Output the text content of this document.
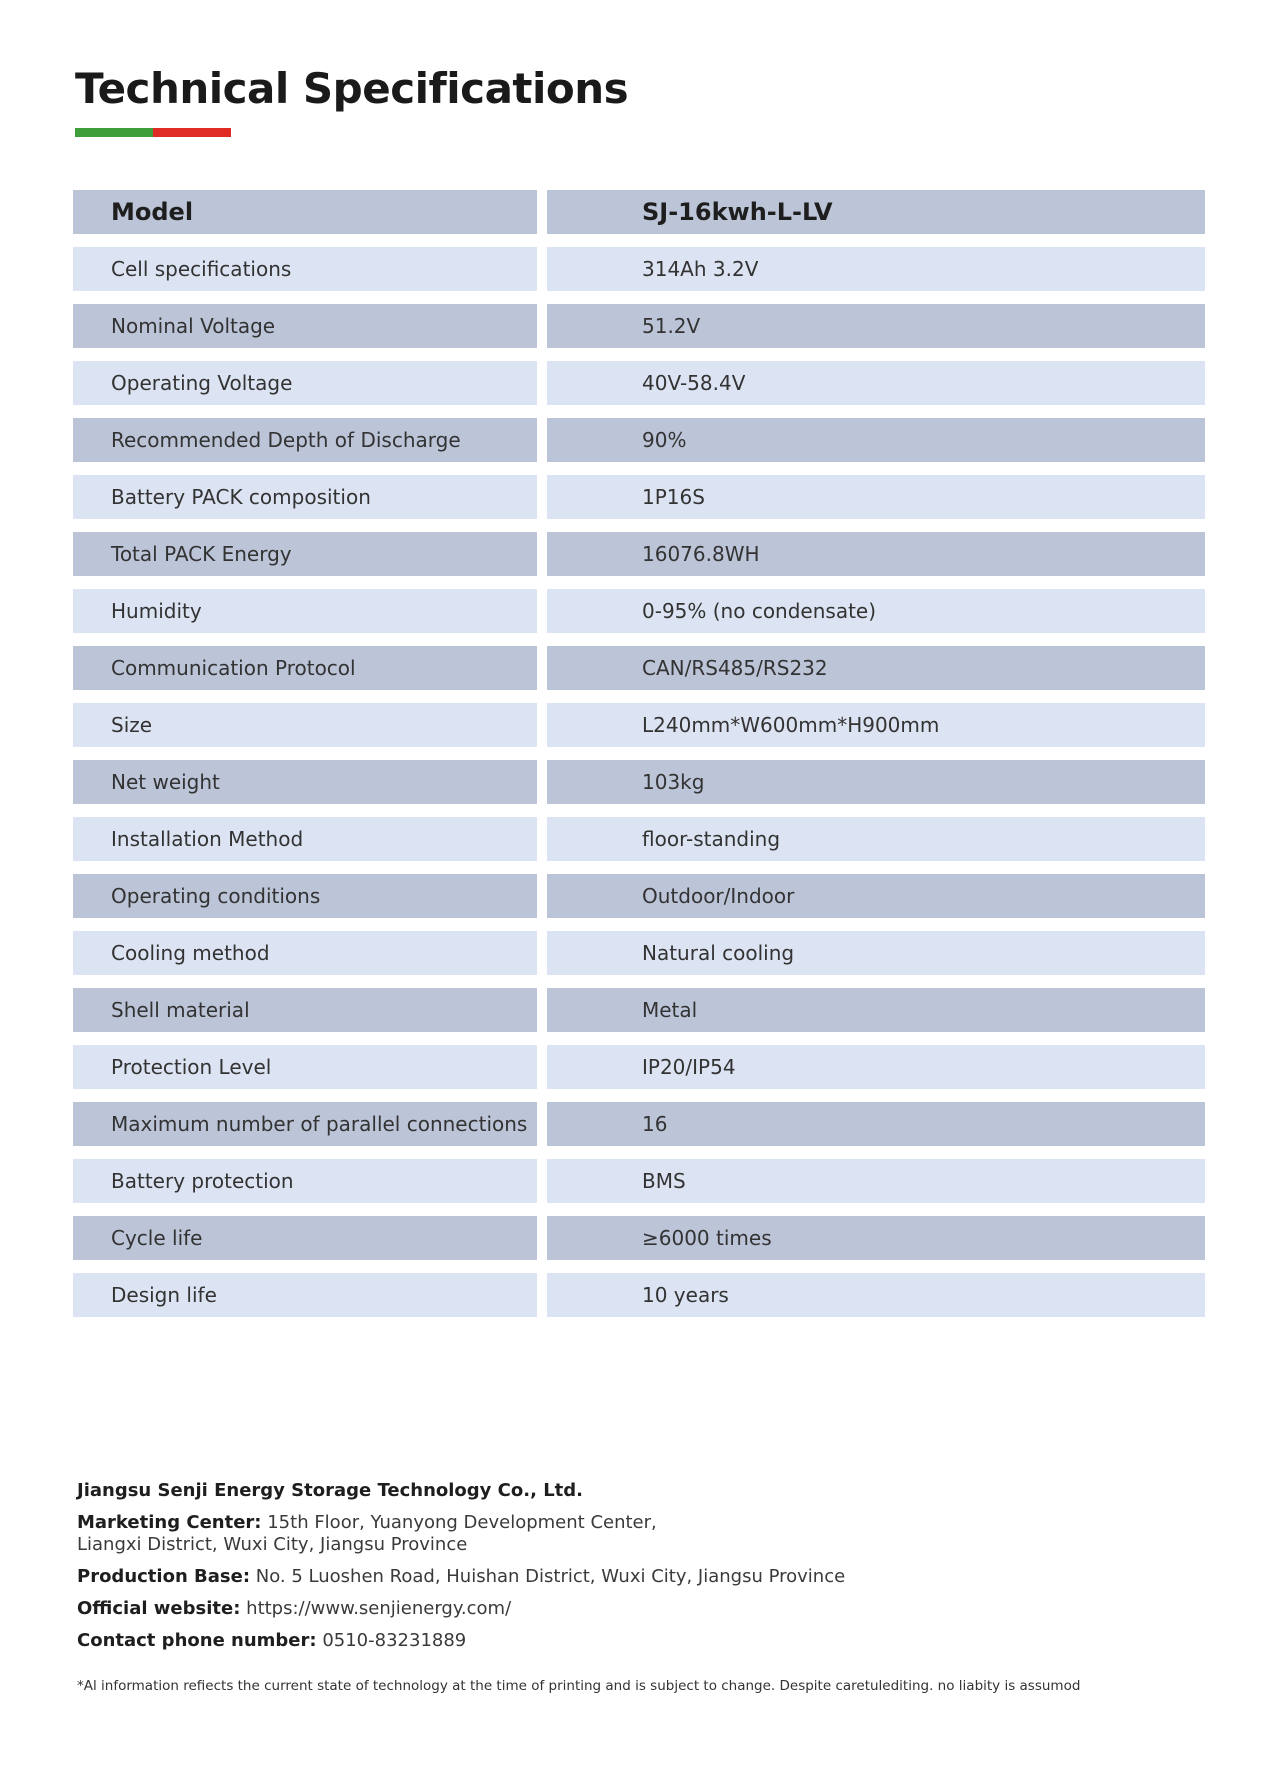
Technical Specifications
Model	SJ-16kwh-L-LV
Cell specifications	314Ah 3.2V
Nominal Voltage	51.2V
Operating Voltage	40V-58.4V
Recommended Depth of Discharge	90%
Battery PACK composition	1P16S
Total PACK Energy	16076.8WH
Humidity	0-95% (no condensate)
Communication Protocol	CAN/RS485/RS232
Size	L240mm*W600mm*H900mm
Net weight	103kg
Installation Method	floor-standing
Operating conditions	Outdoor/Indoor
Cooling method	Natural cooling
Shell material	Metal
Protection Level	IP20/IP54
Maximum number of parallel connections	16
Battery protection	BMS
Cycle life	≥6000 times
Design life	10 years

Jiangsu Senji Energy Storage Technology Co., Ltd.

Marketing Center: 15th Floor, Yuanyong Development Center,
Liangxi District, Wuxi City, Jiangsu Province

Production Base: No. 5 Luoshen Road, Huishan District, Wuxi City, Jiangsu Province

Official website: https://www.senjienergy.com/

Contact phone number: 0510-83231889

*Al information refiects the current state of technology at the time of printing and is subject to change. Despite caretulediting. no liabity is assumod
